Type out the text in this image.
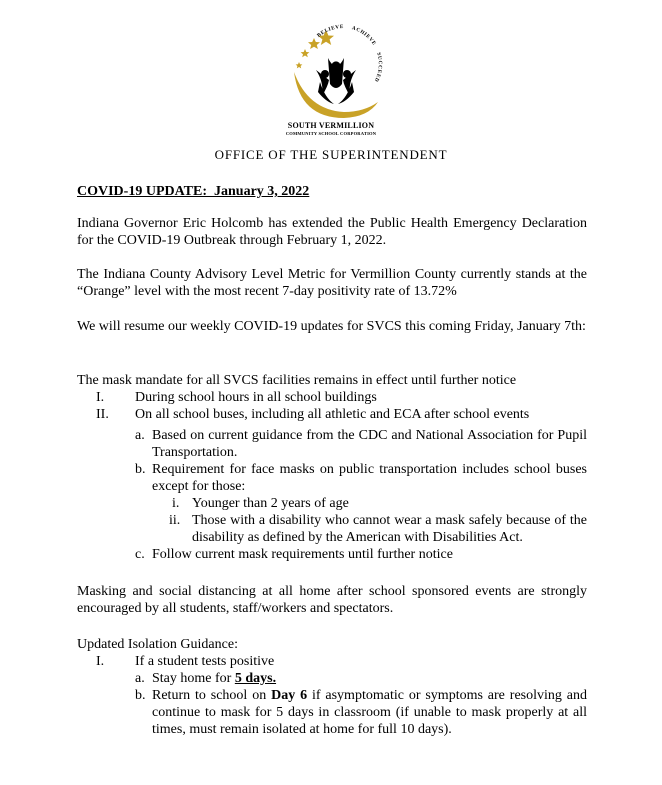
BELIEVE ACHIEVE SUCCEED
SOUTH VERMILLION
COMMUNITY SCHOOL CORPORATION
OFFICE OF THE SUPERINTENDENT
COVID-19 UPDATE:  January 3, 2022
Indiana Governor Eric Holcomb has extended the Public Health Emergency Declaration for the COVID-19 Outbreak through February 1, 2022.
The Indiana County Advisory Level Metric for Vermillion County currently stands at the “Orange” level with the most recent 7-day positivity rate of 13.72%
We will resume our weekly COVID-19 updates for SVCS this coming Friday, January 7th:
The mask mandate for all SVCS facilities remains in effect until further notice
I. During school hours in all school buildings
II. On all school buses, including all athletic and ECA after school events
a. Based on current guidance from the CDC and National Association for Pupil Transportation.
b. Requirement for face masks on public transportation includes school buses except for those:
i. Younger than 2 years of age
ii. Those with a disability who cannot wear a mask safely because of the disability as defined by the American with Disabilities Act.
c. Follow current mask requirements until further notice
Masking and social distancing at all home after school sponsored events are strongly encouraged by all students, staff/workers and spectators.
Updated Isolation Guidance:
I. If a student tests positive
a. Stay home for 5 days.
b. Return to school on Day 6 if asymptomatic or symptoms are resolving and continue to mask for 5 days in classroom (if unable to mask properly at all times, must remain isolated at home for full 10 days).
